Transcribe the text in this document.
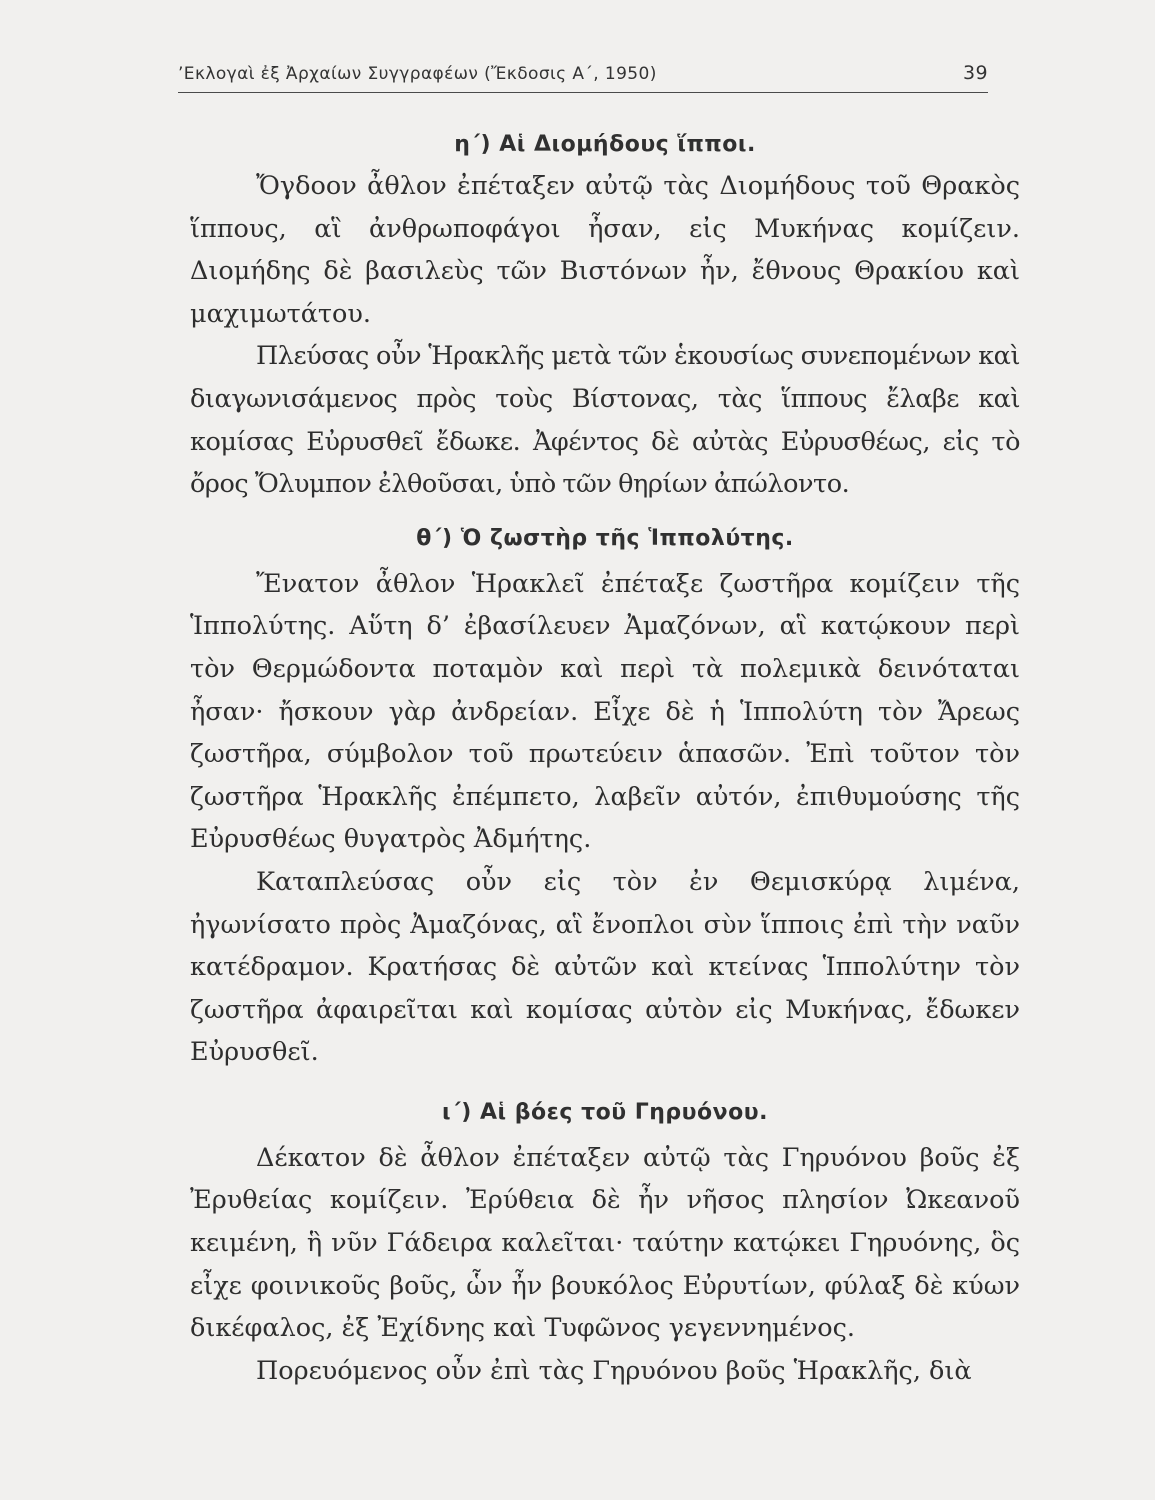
’Εκλογαὶ ἐξ Ἀρχαίων Συγγραφέων (Ἔκδοσις Α΄, 1950)	39
η΄) Αἱ Διομήδους ἵπποι.

Ὄγδοον ἆθλον ἐπέταξεν αὐτῷ τὰς Διομήδους τοῦ Θρακὸς ἵππους, αἳ ἀνθρωποφάγοι ἦσαν, εἰς Μυκήνας κομίζειν. Διομήδης δὲ βασιλεὺς τῶν Βιστόνων ἦν, ἔθνους Θρακίου καὶ μαχιμωτάτου.

Πλεύσας οὖν Ἡρακλῆς μετὰ τῶν ἑκουσίως συνεπομένων καὶ διαγωνισάμενος πρὸς τοὺς Βίστονας, τὰς ἵππους ἔλαβε καὶ κομίσας Εὐρυσθεῖ ἔδωκε. Ἀφέντος δὲ αὐτὰς Εὐρυσθέως, εἰς τὸ ὄρος Ὄλυμπον ἐλθοῦσαι, ὑπὸ τῶν θηρίων ἀπώλοντο.

θ΄) Ὁ ζωστὴρ τῆς Ἱππολύτης.

Ἔνατον ἆθλον Ἡρακλεῖ ἐπέταξε ζωστῆρα κομίζειν τῆς Ἱππολύτης. Αὕτη δ’ ἐβασίλευεν Ἀμαζόνων, αἳ κατῴκουν περὶ τὸν Θερμώδοντα ποταμὸν καὶ περὶ τὰ πολεμικὰ δεινόταται ἦσαν· ἤσκουν γὰρ ἀνδρείαν. Εἶχε δὲ ἡ Ἱππολύτη τὸν Ἄρεως ζωστῆρα, σύμβολον τοῦ πρωτεύειν ἁπασῶν. Ἐπὶ τοῦτον τὸν ζωστῆρα Ἡρακλῆς ἐπέμπετο, λαβεῖν αὐτόν, ἐπιθυμούσης τῆς Εὐρυσθέως θυγατρὸς Ἀδμήτης.

Καταπλεύσας οὖν εἰς τὸν ἐν Θεμισκύρᾳ λιμένα, ἠγωνίσατο πρὸς Ἀμαζόνας, αἳ ἔνοπλοι σὺν ἵπποις ἐπὶ τὴν ναῦν κατέδραμον. Κρατήσας δὲ αὐτῶν καὶ κτείνας Ἱππολύτην τὸν ζωστῆρα ἀφαιρεῖται καὶ κομίσας αὐτὸν εἰς Μυκήνας, ἔδωκεν Εὐρυσθεῖ.

ι΄) Αἱ βόες τοῦ Γηρυόνου.

Δέκατον δὲ ἆθλον ἐπέταξεν αὐτῷ τὰς Γηρυόνου βοῦς ἐξ Ἐρυθείας κομίζειν. Ἐρύθεια δὲ ἦν νῆσος πλησίον Ὠκεανοῦ κειμένη, ἣ νῦν Γάδειρα καλεῖται· ταύτην κατῴκει Γηρυόνης, ὃς εἶχε φοινικοῦς βοῦς, ὧν ἦν βουκόλος Εὐρυτίων, φύλαξ δὲ κύων δικέφαλος, ἐξ Ἐχίδνης καὶ Τυφῶνος γεγεννημένος.

Πορευόμενος οὖν ἐπὶ τὰς Γηρυόνου βοῦς Ἡρακλῆς, διὰ
